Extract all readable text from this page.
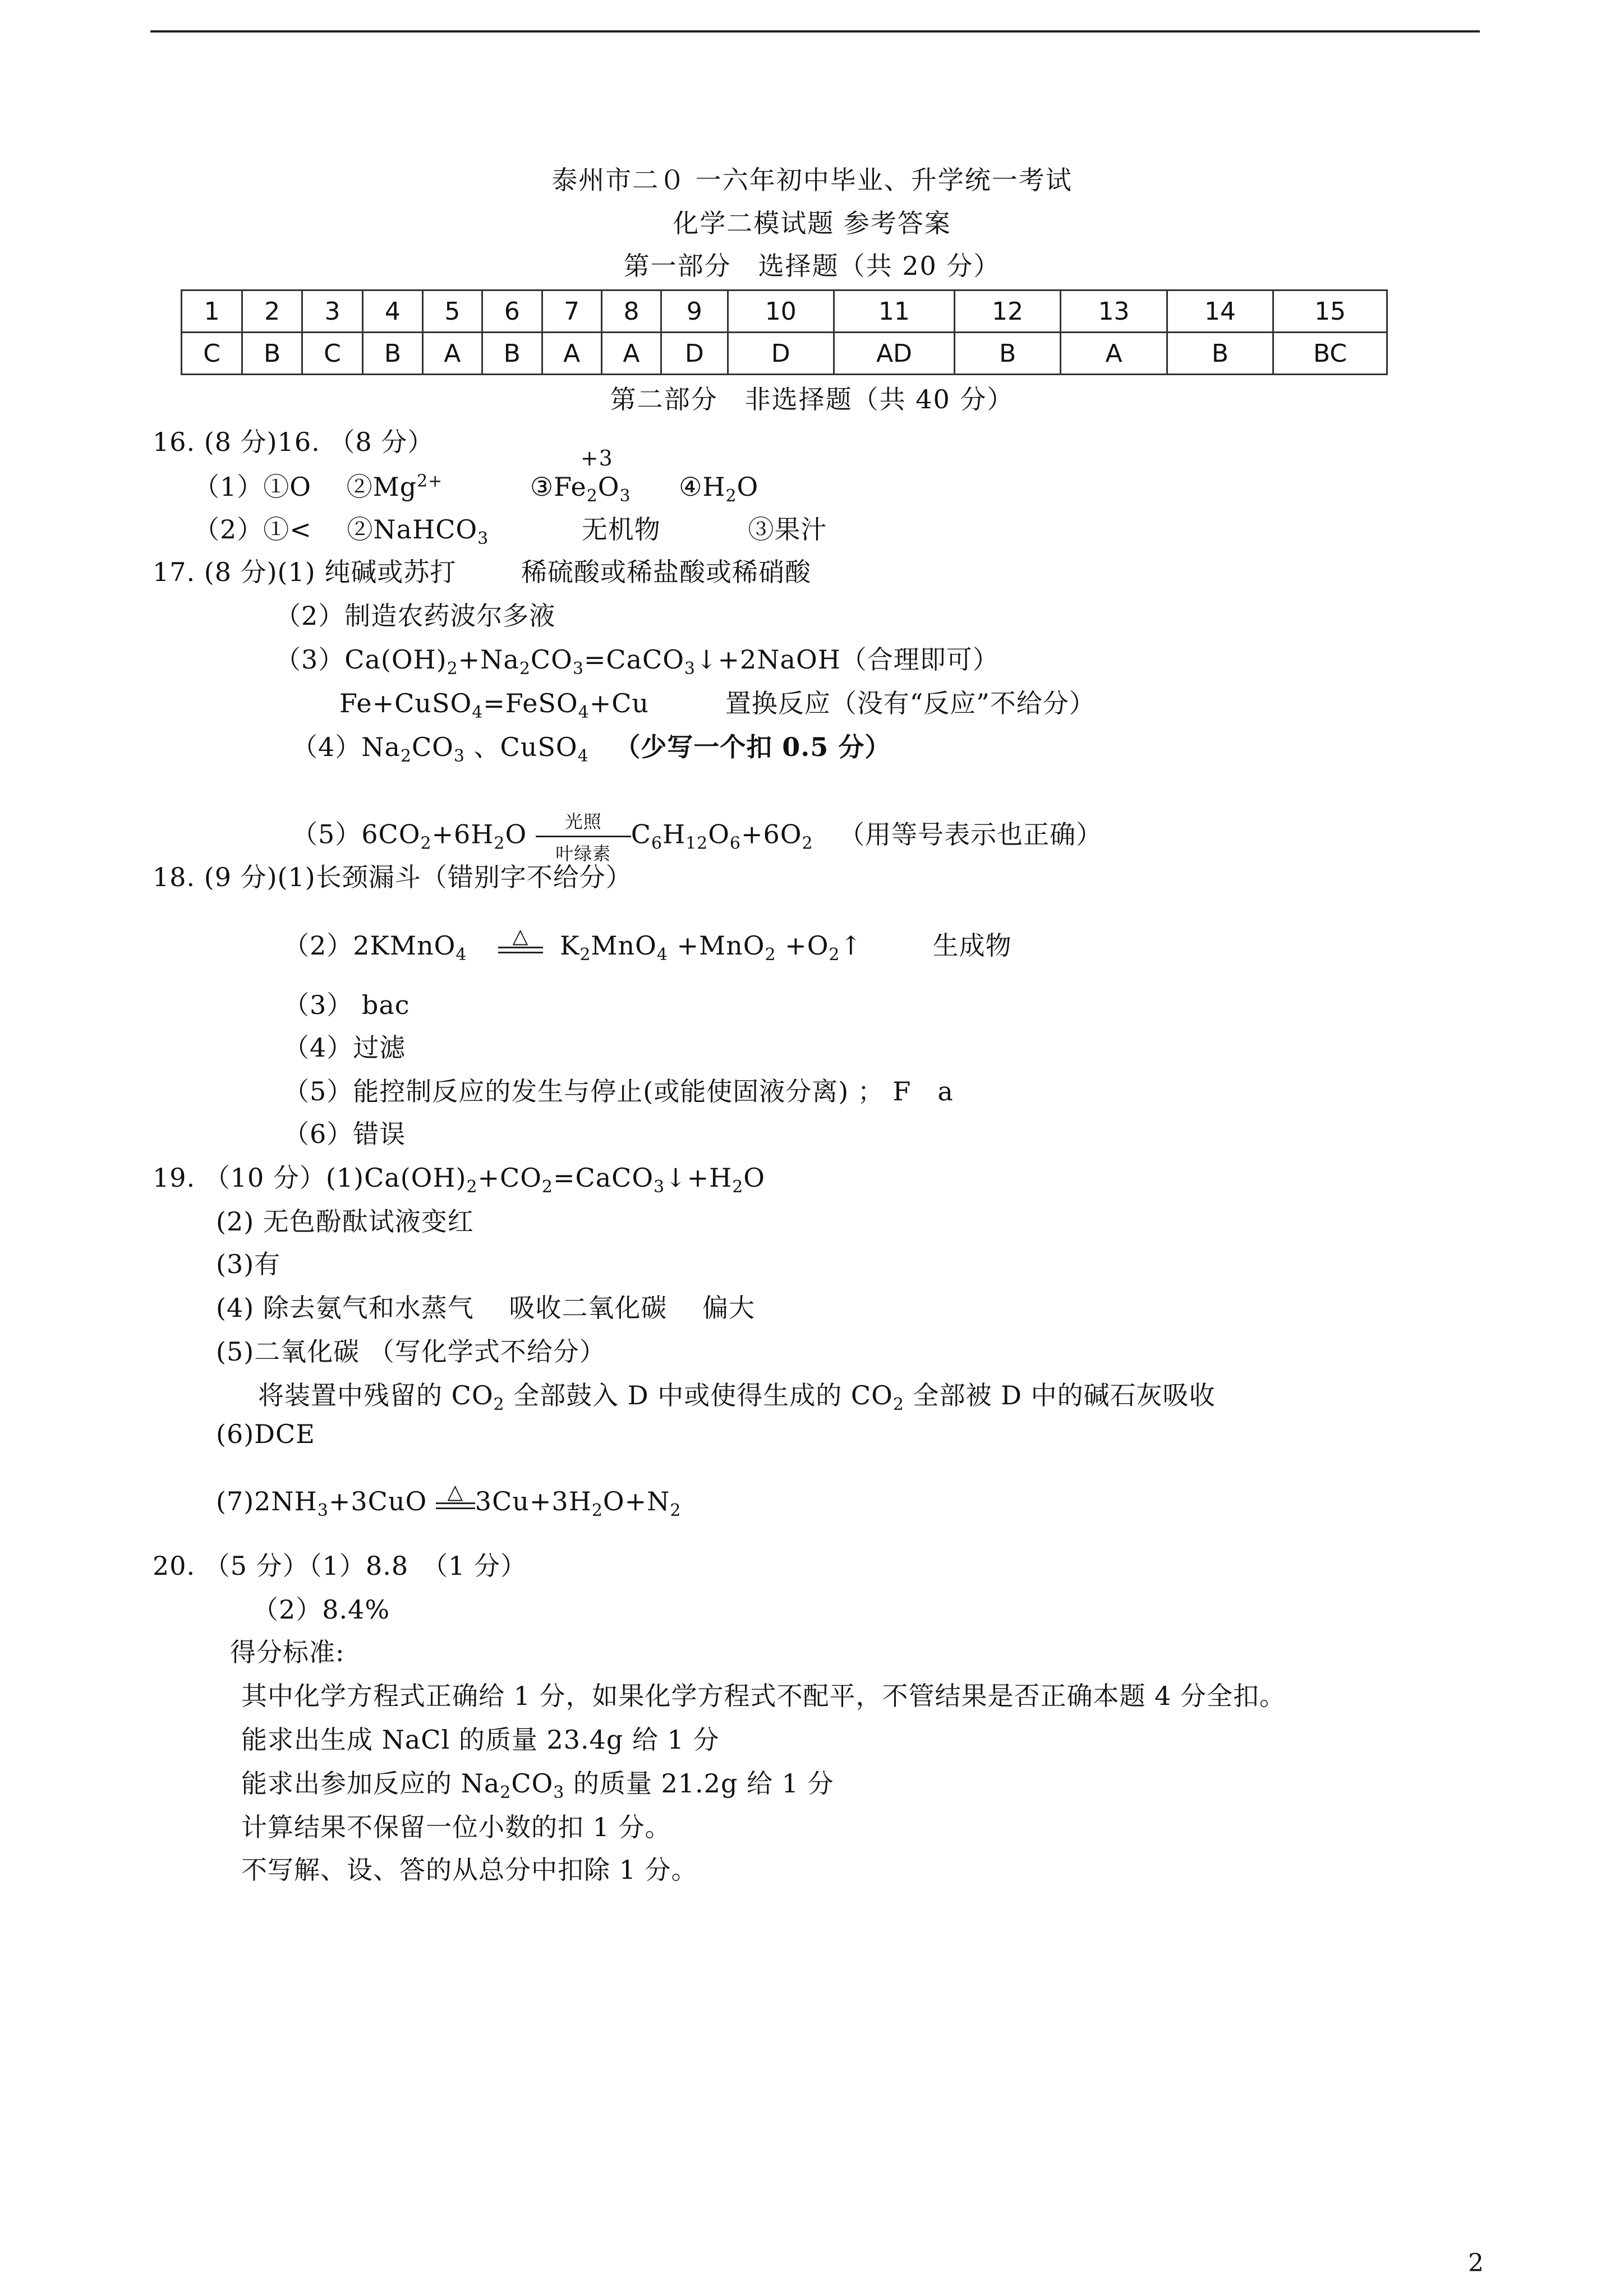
泰州市二０ 一六年初中毕业、升学统一考试
化学二模试题 参考答案
第一部分　选择题（共 20 分）
1	2	3	4	5	6	7	8	9	10	11	12	13	14	15
C	B	C	B	A	B	A	A	D	D	AD	B	A	B	BC
第二部分　非选择题（共 40 分）
16. (8 分)16. （8 分）
（1）①O　 $②Mg^{2+}$
+3
$③Fe_2O_3$ $④H_2O$
（2）①<　 ②NaHCO$_3$	无机物	③果汁
17. (8 分)(1) 纯碱或苏打	稀硫酸或稀盐酸或稀硝酸
（2）制造农药波尔多液
$(3)Ca(OH)_2+Na_2CO_3=CaCO_3↓+2NaOH$（合理即可）
Fe+CuSO$_4$=FeSO$_4$+Cu	置换反应（没有“反应”不给分）
$(4)Na_2CO_3$ 、CuSO$_4$ （少写一个扣 0.5 分）
$(5)6CO_2+6H_2O$	光照
叶绿素
$C_6H_{12}O_6+6O_2$ （用等号表示也正确）
18. (9 分)(1)长颈漏斗（错别字不给分）
（2）2KMnO$_4$
△	$K_2MnO_4 +MnO_2$ $+O_2↑$	生成物
（3） bac
（4）过滤
（5）能控制反应的发生与停止(或能使固液分离) ； F　a
（6）错误
19. （10 分）$(1)Ca(OH)_2+CO_2=CaCO_3↓+H_2O$
(2) 无色酚酞试液变红
(3)有
(4) 除去氨气和水蒸气　 吸收二氧化碳　 偏大
(5)二氧化碳 （写化学式不给分）
将装置中残留的 $CO_2$ 全部鼓入 D 中或使得生成的 $CO_2$ 全部被 D 中的碱石灰吸收
(6)DCE
$(7)2NH_3+3CuO$	△ $3Cu+3H_2O+N_2$
20. （5 分）（1）8.8　（1 分）
（2）8.4%
得分标准:
其中化学方程式正确给 1 分，如果化学方程式不配平，不管结果是否正确本题 4 分全扣。
能求出生成 NaCl 的质量 23.4g 给 1 分
能求出参加反应的 $Na_2CO_3$ 的质量 21.2g 给 1 分
计算结果不保留一位小数的扣 1 分。
不写解、设、答的从总分中扣除 1 分。
2
